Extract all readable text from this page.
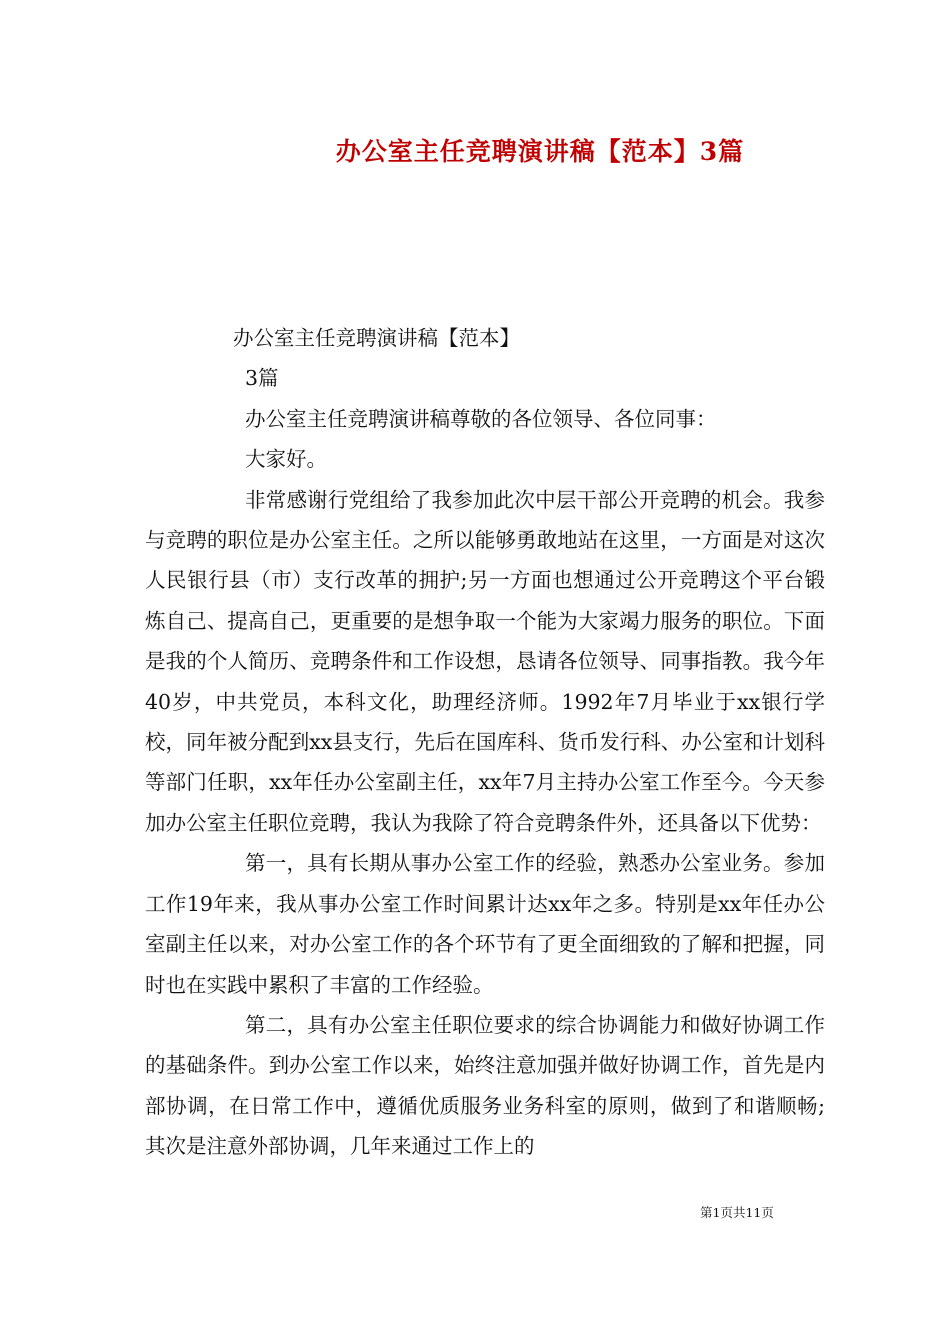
办公室主任竞聘演讲稿【范本】3篇

办公室主任竞聘演讲稿【范本】

3篇

办公室主任竞聘演讲稿尊敬的各位领导、各位同事：

大家好。

非常感谢行党组给了我参加此次中层干部公开竞聘的机会。我参与竞聘的职位是办公室主任。之所以能够勇敢地站在这里，一方面是对这次人民银行县（市）支行改革的拥护;另一方面也想通过公开竞聘这个平台锻炼自己、提高自己，更重要的是想争取一个能为大家竭力服务的职位。下面是我的个人简历、竞聘条件和工作设想，恳请各位领导、同事指教。我今年40岁，中共党员，本科文化，助理经济师。1992年7月毕业于xx银行学校，同年被分配到xx县支行，先后在国库科、货币发行科、办公室和计划科等部门任职，xx年任办公室副主任，xx年7月主持办公室工作至今。今天参加办公室主任职位竞聘，我认为我除了符合竞聘条件外，还具备以下优势：

第一，具有长期从事办公室工作的经验，熟悉办公室业务。参加工作19年来，我从事办公室工作时间累计达xx年之多。特别是xx年任办公室副主任以来，对办公室工作的各个环节有了更全面细致的了解和把握，同时也在实践中累积了丰富的工作经验。

第二，具有办公室主任职位要求的综合协调能力和做好协调工作的基础条件。到办公室工作以来，始终注意加强并做好协调工作，首先是内部协调，在日常工作中，遵循优质服务业务科室的原则，做到了和谐顺畅;其次是注意外部协调，几年来通过工作上的

第1页共11页
